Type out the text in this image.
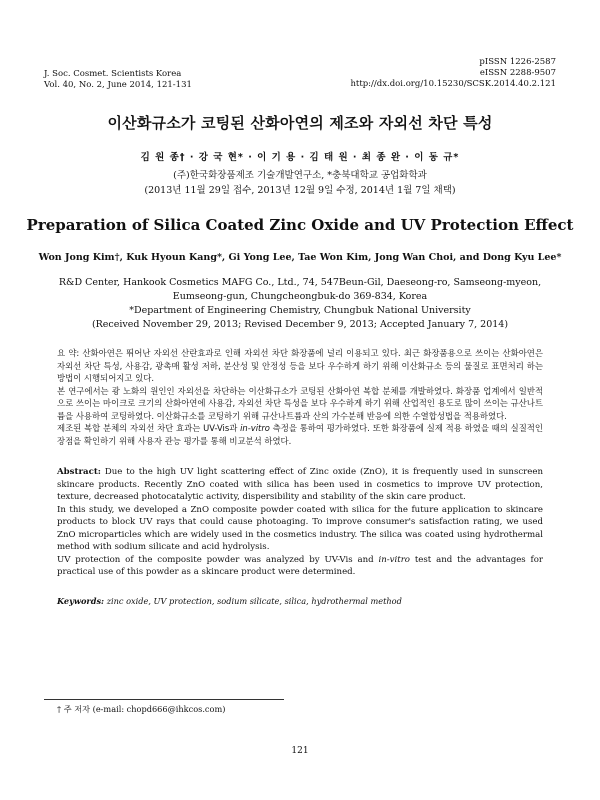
J. Soc. Cosmet. Scientists Korea
Vol. 40, No. 2, June 2014, 121-131
pISSN 1226-2587
eISSN 2288-9507
http://dx.doi.org/10.15230/SCSK.2014.40.2.121
이산화규소가 코팅된 산화아연의 제조와 자외선 차단 특성
김 원 종† · 강 국 현* · 이 기 용 · 김 태 원 · 최 종 완 · 이 동 규*
(주)한국화장품제조 기술개발연구소, *충북대학교 공업화학과
(2013년 11월 29일 접수, 2013년 12월 9일 수정, 2014년 1월 7일 채택)
Preparation of Silica Coated Zinc Oxide and UV Protection Effect
Won Jong Kim†, Kuk Hyoun Kang*, Gi Yong Lee, Tae Won Kim, Jong Wan Choi, and Dong Kyu Lee*
R&D Center, Hankook Cosmetics MAFG Co., Ltd., 74, 547Beun-Gil, Daeseong-ro, Samseong-myeon,
Eumseong-gun, Chungcheongbuk-do 369-834, Korea
*Department of Engineering Chemistry, Chungbuk National University
(Received November 29, 2013; Revised December 9, 2013; Accepted January 7, 2014)

요 약: 산화아연은 뛰어난 자외선 산란효과로 인해 자외선 차단 화장품에 널리 이용되고 있다. 최근 화장품용으로 쓰이는 산화아연은 자외선 차단 특성, 사용감, 광촉매 활성 저하, 분산성 및 안정성 등을 보다 우수하게 하기 위해 이산화규소 등의 물질로 표면처리 하는 방법이 시행되어지고 있다.

본 연구에서는 광 노화의 원인인 자외선을 차단하는 이산화규소가 코팅된 산화아연 복합 분체를 개발하였다. 화장품 업계에서 일반적으로 쓰이는 마이크로 크기의 산화아연에 사용감, 자외선 차단 특성을 보다 우수하게 하기 위해 산업적인 용도로 많이 쓰이는 규산나트륨을 사용하여 코팅하였다. 이산화규소를 코팅하기 위해 규산나트륨과 산의 가수분해 반응에 의한 수열합성법을 적용하였다.

제조된 복합 분체의 자외선 차단 효과는 UV-Vis과 in-vitro 측정을 통하여 평가하였다. 또한 화장품에 실제 적용 하였을 때의 실질적인 장점을 확인하기 위해 사용자 관능 평가를 통해 비교분석 하였다.

Abstract: Due to the high UV light scattering effect of Zinc oxide (ZnO), it is frequently used in sunscreen skincare products. Recently ZnO coated with silica has been used in cosmetics to improve UV protection, texture, decreased photocatalytic activity, dispersibility and stability of the skin care product.

In this study, we developed a ZnO composite powder coated with silica for the future application to skincare products to block UV rays that could cause photoaging. To improve consumer's satisfaction rating, we used ZnO microparticles which are widely used in the cosmetics industry. The silica was coated using hydrothermal method with sodium silicate and acid hydrolysis.

UV protection of the composite powder was analyzed by UV-Vis and in-vitro test and the advantages for practical use of this powder as a skincare product were determined.

Keywords: zinc oxide, UV protection, sodium silicate, silica, hydrothermal method
† 주 저자 (e-mail: chopd666@ihkcos.com)
121
